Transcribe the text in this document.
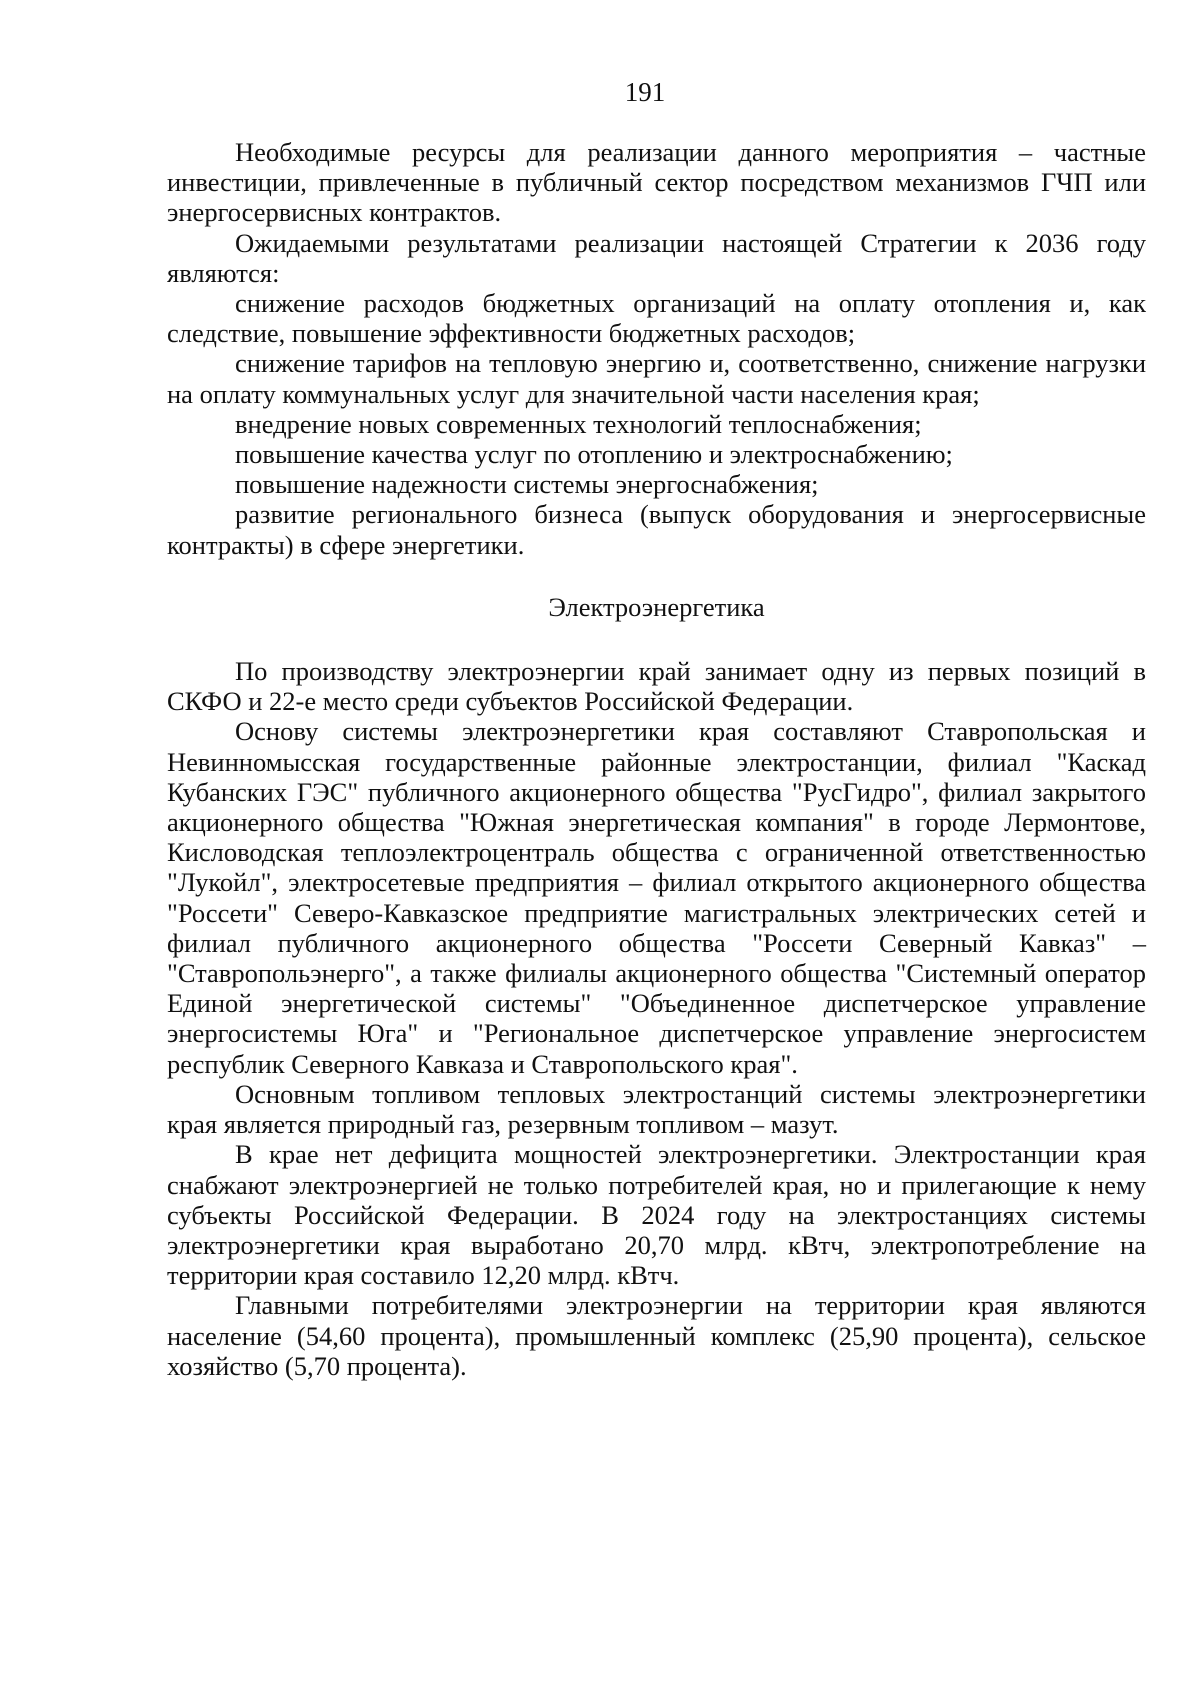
191

Необходимые ресурсы для реализации данного мероприятия – частные инвестиции, привлеченные в публичный сектор посредством механизмов ГЧП или энергосервисных контрактов.

Ожидаемыми результатами реализации настоящей Стратегии к 2036 году являются:

снижение расходов бюджетных организаций на оплату отопления и, как следствие, повышение эффективности бюджетных расходов;

снижение тарифов на тепловую энергию и, соответственно, снижение нагрузки на оплату коммунальных услуг для значительной части населения края;

внедрение новых современных технологий теплоснабжения;

повышение качества услуг по отоплению и электроснабжению;

повышение надежности системы энергоснабжения;

развитие регионального бизнеса (выпуск оборудования и энергосервисные контракты) в сфере энергетики.

Электроэнергетика

По производству электроэнергии край занимает одну из первых позиций в СКФО и 22-е место среди субъектов Российской Федерации.

Основу системы электроэнергетики края составляют Ставропольская и Невинномысская государственные районные электростанции, филиал "Каскад Кубанских ГЭС" публичного акционерного общества "РусГидро", филиал закрытого акционерного общества "Южная энергетическая компания" в городе Лермонтове, Кисловодская теплоэлектроцентраль общества с ограниченной ответственностью "Лукойл", электросетевые предприятия – филиал открытого акционерного общества "Россети" Северо-Кавказское предприятие магистральных электрических сетей и филиал публичного акционерного общества "Россети Северный Кавказ" – "Ставропольэнерго", а также филиалы акционерного общества "Системный оператор Единой энергетической системы" "Объединенное диспетчерское управление энергосистемы Юга" и "Региональное диспетчерское управление энергосистем республик Северного Кавказа и Ставропольского края".

Основным топливом тепловых электростанций системы электроэнергетики края является природный газ, резервным топливом – мазут.

В крае нет дефицита мощностей электроэнергетики. Электростанции края снабжают электроэнергией не только потребителей края, но и прилегающие к нему субъекты Российской Федерации. В 2024 году на электростанциях системы электроэнергетики края выработано 20,70 млрд. кВтч, электропотребление на территории края составило 12,20 млрд. кВтч.

Главными потребителями электроэнергии на территории края являются население (54,60 процента), промышленный комплекс (25,90 процента), сельское хозяйство (5,70 процента).
